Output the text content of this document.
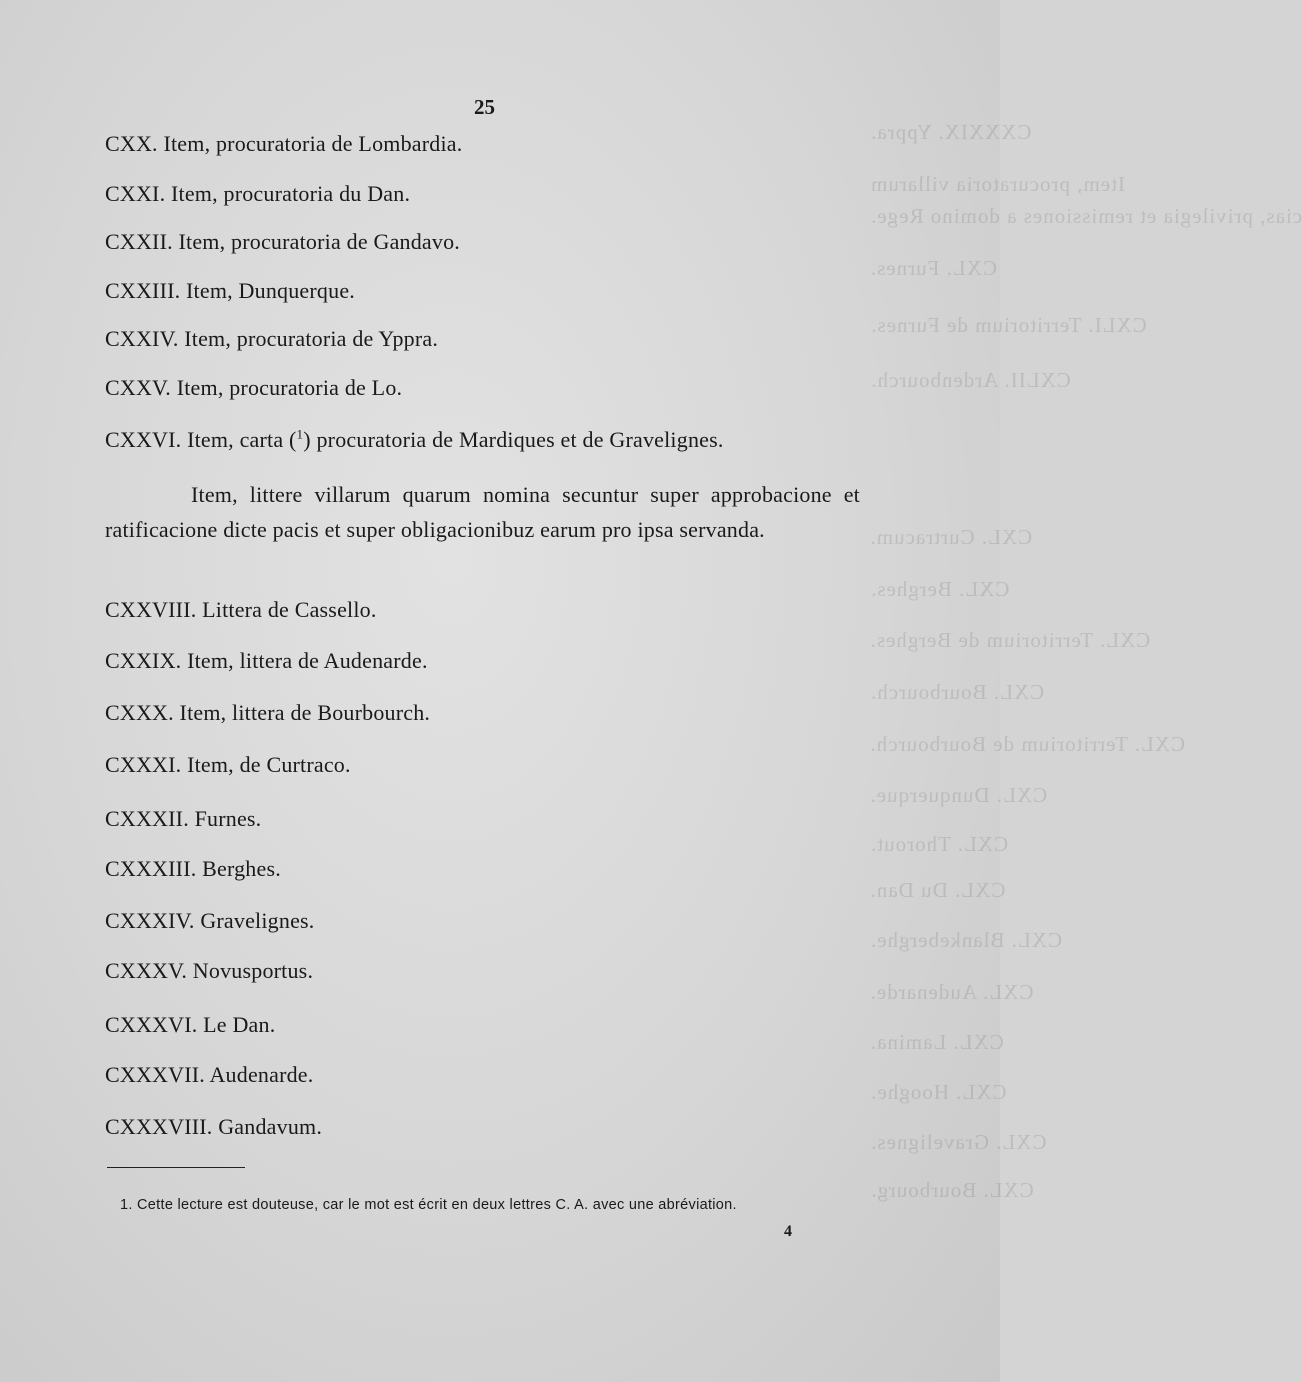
CXXXIX. Yppra.
Item, procuratoria villarum
cias, privilegia et remissiones a domino Rege.
CXL. Furnes.
CXLI. Territorium de Furnes.
CXLII. Ardenbourch.
CXL. Curtracum.
CXL. Berghes.
CXL. Territorium de Berghes.
CXL. Bourbourch.
CXL. Territorium de Bourbourch.
CXL. Dunquerque.
CXL. Thorout.
CXL. Du Dan.
CXL. Blankeberghe.
CXL. Audenarde.
CXL. Lamina.
CXL. Hooghe.
CXL. Gravelignes.
CXL. Bourbourg.
25
CXX. Item, procuratoria de Lombardia.
CXXI. Item, procuratoria du Dan.
CXXII. Item, procuratoria de Gandavo.
CXXIII. Item, Dunquerque.
CXXIV. Item, procuratoria de Yppra.
CXXV. Item, procuratoria de Lo.
CXXVI. Item, carta ($^1$) procuratoria de Mardiques et de Gravelignes.
Item, littere villarum quarum nomina secuntur super approbacione et ratificacione dicte pacis et super obligacionibuz earum pro ipsa servanda.
CXXVIII. Littera de Cassello.
CXXIX. Item, littera de Audenarde.
CXXX. Item, littera de Bourbourch.
CXXXI. Item, de Curtraco.
CXXXII. Furnes.
CXXXIII. Berghes.
CXXXIV. Gravelignes.
CXXXV. Novusportus.
CXXXVI. Le Dan.
CXXXVII. Audenarde.
CXXXVIII. Gandavum.
1. Cette lecture est douteuse, car le mot est écrit en deux lettres C. A. avec une abréviation.
4
